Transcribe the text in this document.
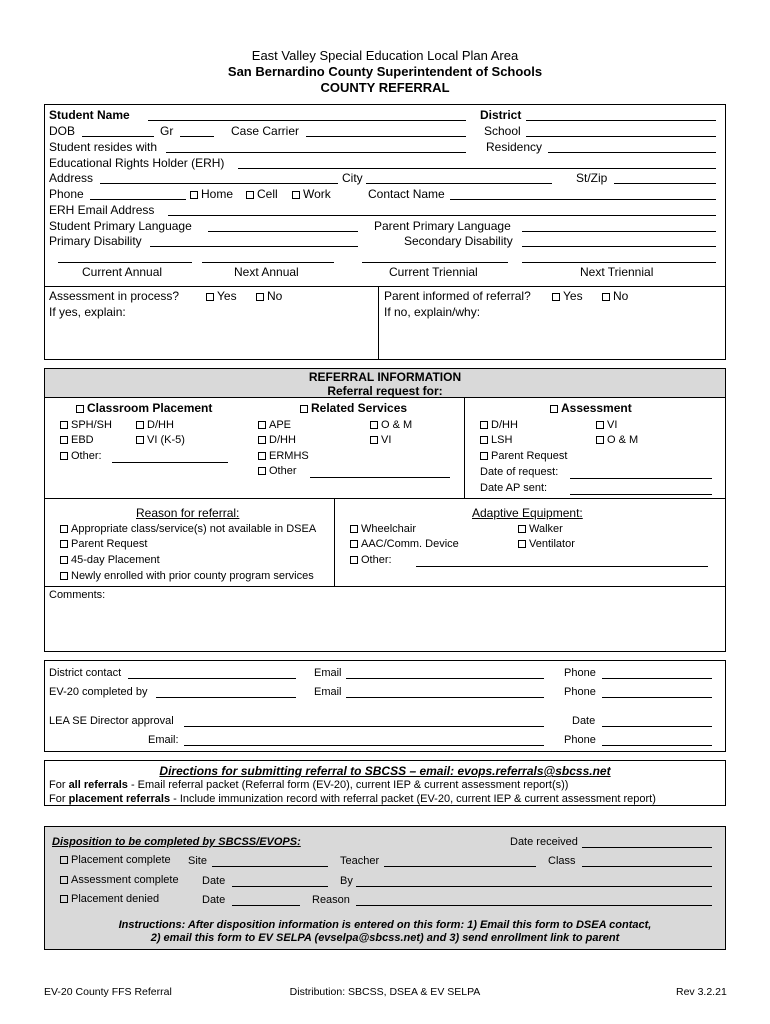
East Valley Special Education Local Plan Area
San Bernardino County Superintendent of Schools
COUNTY REFERRAL
Student Name	District
DOB	Gr	Case Carrier	School
Student resides with	Residency
Educational Rights Holder (ERH)
Address	City	St/Zip
Phone	Home	Cell	Work	Contact Name
ERH Email Address
Student Primary Language	Parent Primary Language
Primary Disability	Secondary Disability
Current Annual	Next Annual	Current Triennial	Next Triennial
Assessment in process?	Yes	No
If yes, explain:
Parent informed of referral?	Yes	No
If no, explain/why:
REFERRAL INFORMATION
Referral request for:
Classroom Placement	Related Services	Assessment
SPH/SH	D/HH
EBD	VI (K-5)
Other:
APE	O & M
D/HH	VI
ERMHS
Other
D/HH	VI
LSH	O & M
Parent Request
Date of request:
Date AP sent:
Reason for referral:
Appropriate class/service(s) not available in DSEA
Parent Request
45-day Placement
Newly enrolled with prior county program services
Adaptive Equipment:
Wheelchair	Walker
AAC/Comm. Device	Ventilator
Other:
Comments:
District contact	Email	Phone
EV-20 completed by	Email	Phone
LEA SE Director approval	Date
Email:	Phone
Directions for submitting referral to SBCSS – email: evops.referrals@sbcss.net
For all referrals - Email referral packet (Referral form (EV-20), current IEP & current assessment report(s))
For placement referrals - Include immunization record with referral packet (EV-20, current IEP & current assessment report)
Disposition to be completed by SBCSS/EVOPS:	Date received
Placement complete Site	Teacher	Class
Assessment complete Date	By
Placement denied	Date	Reason
Instructions: After disposition information is entered on this form: 1) Email this form to DSEA contact,
2) email this form to EV SELPA (evselpa@sbcss.net) and 3) send enrollment link to parent
EV-20 County FFS Referral	Distribution: SBCSS, DSEA & EV SELPA	Rev 3.2.21
